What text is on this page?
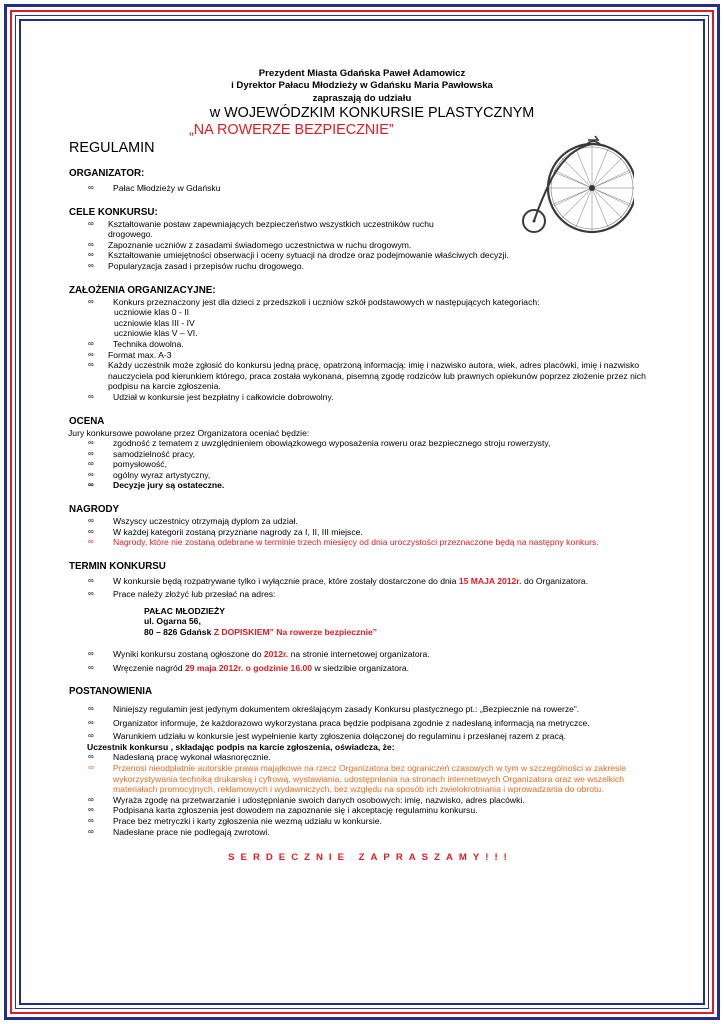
Prezydent Miasta Gdańska Paweł Adamowicz

i Dyrektor Pałacu Młodzieży w Gdańsku Maria Pawłowska

zapraszają do udziału

w WOJEWÓDZKIM KONKURSIE PLASTYCZNYM

„NA ROWERZE BEZPIECZNIE”

REGULAMIN

ORGANIZATOR:

∞ Pałac Młodzieży w Gdańsku

CELE KONKURSU:

∞ Kształtowanie postaw zapewniających bezpieczeństwo wszystkich uczestników ruchu drogowego.
∞ Zapoznanie uczniów z zasadami świadomego uczestnictwa w ruchu drogowym.
∞ Kształtowanie umiejętności obserwacji i oceny sytuacji na drodze oraz podejmowanie właściwych decyzji.
∞ Popularyzacja zasad i przepisów ruchu drogowego.

ZAŁOŻENIA ORGANIZACYJNE:

∞ Konkurs przeznaczony jest dla dzieci z przedszkoli i uczniów szkół podstawowych w następujących kategoriach:

uczniowie klas 0 - II

uczniowie klas III - IV

uczniowie klas V – VI.

∞ Technika dowolna.
∞ Format max. A-3
∞ Każdy uczestnik może zgłosić do konkursu jedną pracę, opatrzoną informacją: imię i nazwisko autora, wiek, adres placówki, imię i nazwisko nauczyciela pod kierunkiem którego, praca została wykonana, pisemną zgodę rodziców lub prawnych opiekunów poprzez złożenie przez nich podpisu na karcie zgłoszenia.
∞ Udział w konkursie jest bezpłatny i całkowicie dobrowolny.

OCENA

Jury konkursowe powołane przez Organizatora oceniać będzie:

∞ zgodność z tematem z uwzględnieniem obowiązkowego wyposażenia roweru oraz bezpiecznego stroju rowerzysty,
∞ samodzielność pracy,
∞ pomysłowość,
∞ ogólny wyraz artystyczny,
∞ Decyzje jury są ostateczne.

NAGRODY

∞ Wszyscy uczestnicy otrzymają dyplom za udział.
∞ W każdej kategorii zostaną przyznane nagrody za I, II, III miejsce.
∞ Nagrody, które nie zostaną odebrane w terminie trzech miesięcy od dnia uroczystości przeznaczone będą na następny konkurs.

TERMIN KONKURSU

∞ W konkursie będą rozpatrywane tylko i wyłącznie prace, które zostały dostarczone do dnia 15 MAJA 2012r. do Organizatora.
∞ Prace należy złożyć lub przesłać na adres:
PAŁAC MŁODZIEŻY
ul. Ogarna 56,
80 – 826 Gdańsk Z DOPISKIEM” Na rowerze bezpiecznie”
∞ Wyniki konkursu zostaną ogłoszone do 2012r. na stronie internetowej organizatora.
∞ Wręczenie nagród 29 maja 2012r. o godzinie 16.00 w siedzibie organizatora.

POSTANOWIENIA

∞ Niniejszy regulamin jest jedynym dokumentem określającym zasady Konkursu plastycznego pt.: „Bezpiecznie na rowerze”.
∞ Organizator informuje, że każdorazowo wykorzystana praca będzie podpisana zgodnie z nadesłaną informacją na metryczce.
∞ Warunkiem udziału w konkursie jest wypełnienie karty zgłoszenia dołączonej do regulaminu i przesłanej razem z pracą.

Uczestnik konkursu , składając podpis na karcie zgłoszenia, oświadcza, że:

∞ Nadesłaną pracę wykonał własnoręcznie.
∞ Przenosi nieodpłatnie autorskie prawa majątkowe na rzecz Organizatora bez ograniczeń czasowych w tym w szczególności w zakresie wykorzystywania techniką drukarską i cyfrową, wystawiania, udostępniania na stronach internetowych Organizatora oraz we wszelkich materiałach promocyjnych, reklamowych i wydawniczych, bez względu na sposób ich zwielokrotniania i wprowadzania do obrotu.
∞ Wyraża zgodę na przetwarzanie i udostępnianie swoich danych osobowych: imię, nazwisko, adres placówki.
∞ Podpisana karta zgłoszenia jest dowodem na zapoznanie się i akceptację regulaminu konkursu.
∞ Prace bez metryczki i karty zgłoszenia nie wezmą udziału w konkursie.
∞ Nadesłane prace nie podlegają zwrotowi.

SERDECZNIE ZAPRASZAMY!!!
